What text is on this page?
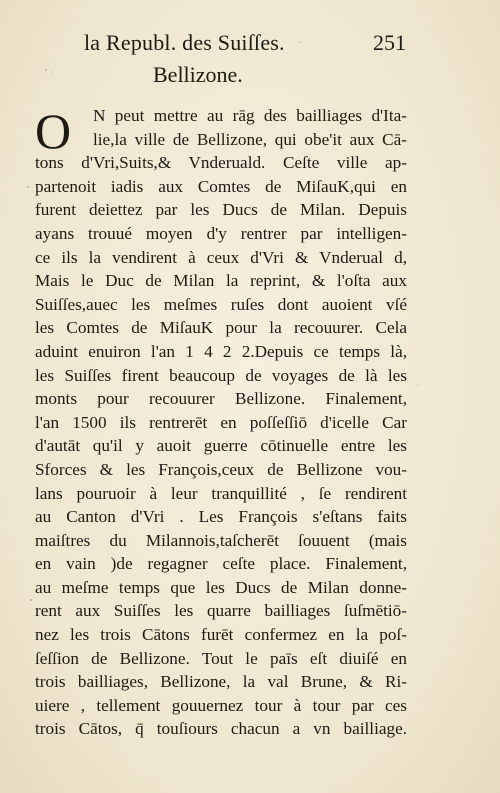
la Republ. des Suiſſes.	251
Bellizone.
O	N peut mettre au rāg des bailliages d'Ita-
lie,la ville de Bellizone, qui obe'it aux Cā-
tons d'Vri,Suits,& Vnderuald. Ceſte ville ap-
partenoit iadis aux Comtes de MiſauK,qui en
furent deiettez par les Ducs de Milan. Depuis
ayans trouué moyen d'y rentrer par intelligen-
ce ils la vendirent à ceux d'Vri & Vnderual d,
Mais le Duc de Milan la reprint, & l'oſta aux
Suiſſes,auec les meſmes ruſes dont auoient vſé
les Comtes de MiſauK pour la recouurer. Cela
aduint enuiron l'an 1 4 2 2.Depuis ce temps là,
les Suiſſes firent beaucoup de voyages de là les
monts pour recouurer Bellizone. Finalement,
l'an 1500 ils rentrerēt en poſſeſſiō d'icelle Car
d'autāt qu'il y auoit guerre cōtinuelle entre les
Sforces & les François,ceux de Bellizone vou-
lans pouruoir à leur tranquillité , ſe rendirent
au Canton d'Vri . Les François s'eſtans faits
maiſtres du Milannois,taſcherēt ſouuent (mais
en vain )de regagner ceſte place. Finalement,
au meſme temps que les Ducs de Milan donne-
rent aux Suiſſes les quarre bailliages ſuſmētiō-
nez les trois Cātons furēt confermez en la poſ-
ſeſſion de Bellizone. Tout le paīs eſt diuiſé en
trois bailliages, Bellizone, la val Brune, & Ri-
uiere , tellement gouuernez tour à tour par ces
trois Cātos, q̄ touſiours chacun a vn bailliage.
